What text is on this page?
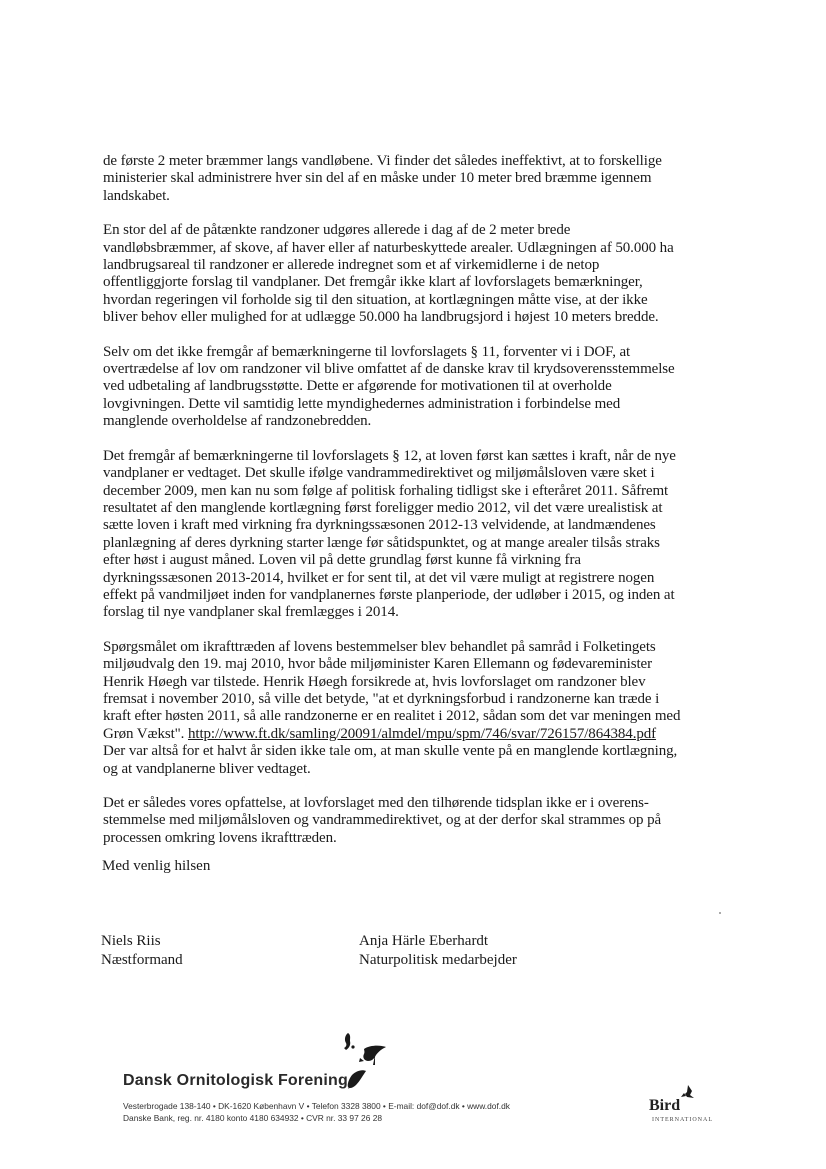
de første 2 meter bræmmer langs vandløbene. Vi finder det således ineffektivt, at to forskellige ministerier skal administrere hver sin del af en måske under 10 meter bred bræmme igennem landskabet.

En stor del af de påtænkte randzoner udgøres allerede i dag af de 2 meter brede vandløbsbræmmer, af skove, af haver eller af naturbeskyttede arealer. Udlægningen af 50.000 ha landbrugsareal til randzoner er allerede indregnet som et af virkemidlerne i de netop offentliggjorte forslag til vandplaner. Det fremgår ikke klart af lovforslagets bemærkninger, hvordan regeringen vil forholde sig til den situation, at kortlægningen måtte vise, at der ikke bliver behov eller mulighed for at udlægge 50.000 ha landbrugsjord i højest 10 meters bredde.

Selv om det ikke fremgår af bemærkningerne til lovforslagets § 11, forventer vi i DOF, at overtrædelse af lov om randzoner vil blive omfattet af de danske krav til krydsoverensstemmelse ved udbetaling af landbrugsstøtte. Dette er afgørende for motivationen til at overholde lovgivningen. Dette vil samtidig lette myndighedernes administration i forbindelse med manglende overholdelse af randzonebredden.

Det fremgår af bemærkningerne til lovforslagets § 12, at loven først kan sættes i kraft, når de nye vandplaner er vedtaget. Det skulle ifølge vandrammedirektivet og miljømålsloven være sket i december 2009, men kan nu som følge af politisk forhaling tidligst ske i efteråret 2011. Såfremt resultatet af den manglende kortlægning først foreligger medio 2012, vil det være urealistisk at sætte loven i kraft med virkning fra dyrkningssæsonen 2012-13 velvidende, at landmændenes planlægning af deres dyrkning starter længe før såtidspunktet, og at mange arealer tilsås straks efter høst i august måned. Loven vil på dette grundlag først kunne få virkning fra dyrkningssæsonen 2013-2014, hvilket er for sent til, at det vil være muligt at registrere nogen effekt på vandmiljøet inden for vandplanernes første planperiode, der udløber i 2015, og inden at forslag til nye vandplaner skal fremlægges i 2014.

Spørgsmålet om ikrafttræden af lovens bestemmelser blev behandlet på samråd i Folketingets miljøudvalg den 19. maj 2010, hvor både miljøminister Karen Ellemann og fødevareminister Henrik Høegh var tilstede. Henrik Høegh forsikrede at, hvis lovforslaget om randzoner blev fremsat i november 2010, så ville det betyde, "at et dyrkningsforbud i randzonerne kan træde i kraft efter høsten 2011, så alle randzonerne er en realitet i 2012, sådan som det var meningen med Grøn Vækst". http://www.ft.dk/samling/20091/almdel/mpu/spm/746/svar/726157/864384.pdf
Der var altså for et halvt år siden ikke tale om, at man skulle vente på en manglende kortlægning, og at vandplanerne bliver vedtaget.

Det er således vores opfattelse, at lovforslaget med den tilhørende tidsplan ikke er i overens-stemmelse med miljømålsloven og vandrammedirektivet, og at der derfor skal strammes op på processen omkring lovens ikrafttræden.

Med venlig hilsen
Niels Riis
Næstformand
Anja Härle Eberhardt
Naturpolitisk medarbejder
Dansk Ornitologisk Forening
Vesterbrogade 138-140 • DK-1620 København V • Telefon 3328 3800 • E-mail: dof@dof.dk • www.dof.dk
Danske Bank, reg. nr. 4180 konto 4180 634932 • CVR nr. 33 97 26 28
Bird
INTERNATIONAL
